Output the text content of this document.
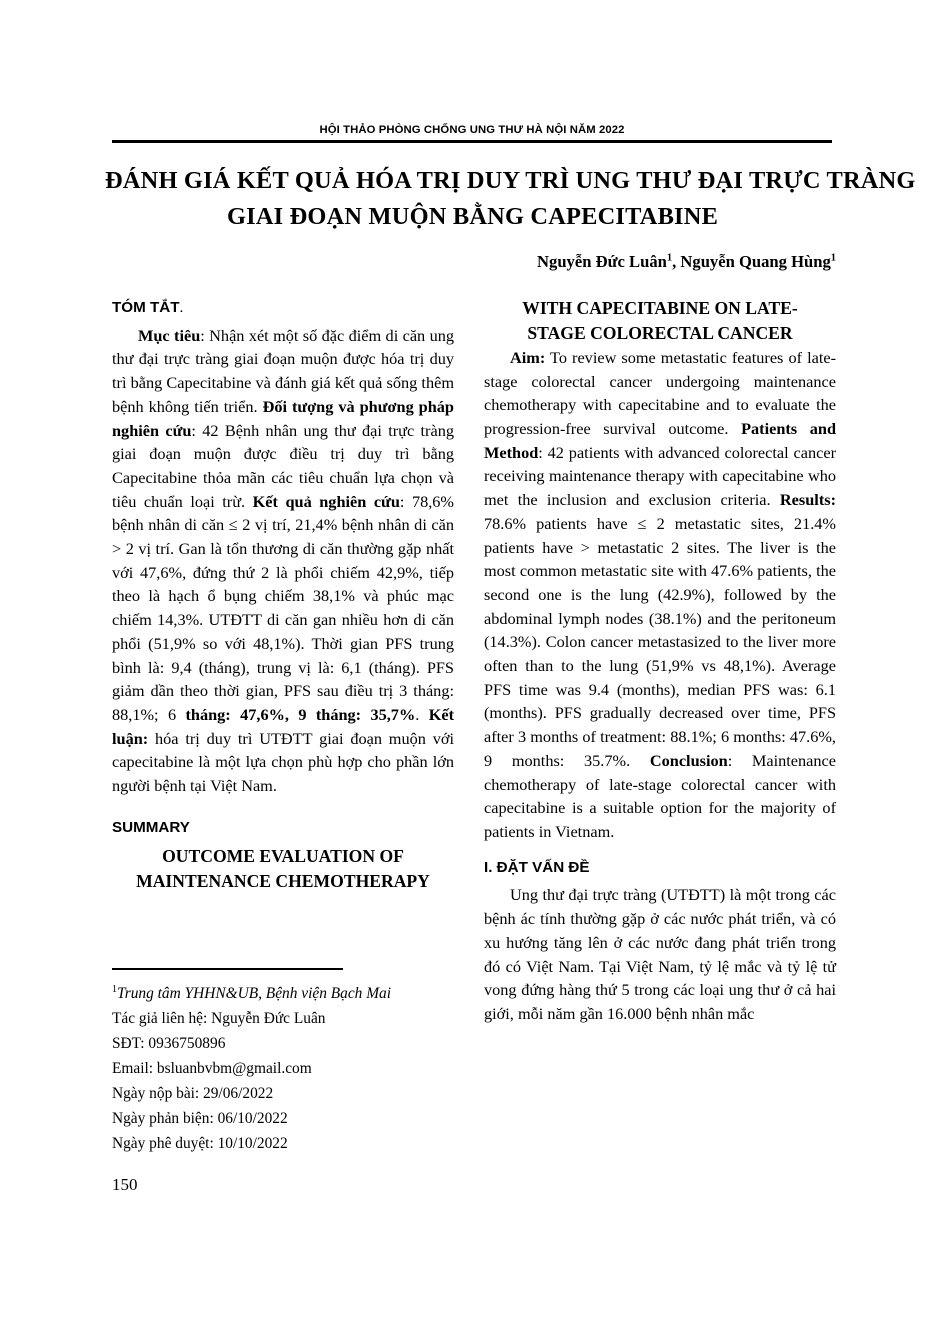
HỘI THẢO PHÒNG CHỐNG UNG THƯ HÀ NỘI NĂM 2022
ĐÁNH GIÁ KẾT QUẢ HÓA TRỊ DUY TRÌ UNG THƯ ĐẠI TRỰC TRÀNG
GIAI ĐOẠN MUỘN BẰNG CAPECITABINE
Nguyễn Đức Luân$^1$, Nguyễn Quang Hùng$^1$

TÓM TẮT.

Mục tiêu: Nhận xét một số đặc điểm di căn ung thư đại trực tràng giai đoạn muộn được hóa trị duy trì bằng Capecitabine và đánh giá kết quả sống thêm bệnh không tiến triển. Đối tượng và phương pháp nghiên cứu: 42 Bệnh nhân ung thư đại trực tràng giai đoạn muộn được điều trị duy trì bằng Capecitabine thỏa mãn các tiêu chuẩn lựa chọn và tiêu chuẩn loại trừ. Kết quả nghiên cứu: 78,6% bệnh nhân di căn ≤ 2 vị trí, 21,4% bệnh nhân di căn > 2 vị trí. Gan là tổn thương di căn thường gặp nhất với 47,6%, đứng thứ 2 là phổi chiếm 42,9%, tiếp theo là hạch ổ bụng chiếm 38,1% và phúc mạc chiếm 14,3%. UTĐTT di căn gan nhiều hơn di căn phổi (51,9% so với 48,1%). Thời gian PFS trung bình là: 9,4 (tháng), trung vị là: 6,1 (tháng). PFS giảm dần theo thời gian, PFS sau điều trị 3 tháng: 88,1%; 6 tháng: 47,6%, 9 tháng: 35,7%. Kết luận: hóa trị duy trì UTĐTT giai đoạn muộn với capecitabine là một lựa chọn phù hợp cho phần lớn người bệnh tại Việt Nam.

SUMMARY

OUTCOME EVALUATION OF

MAINTENANCE CHEMOTHERAPY

WITH CAPECITABINE ON LATE-

STAGE COLORECTAL CANCER

Aim: To review some metastatic features of late-stage colorectal cancer undergoing maintenance chemotherapy with capecitabine and to evaluate the progression-free survival outcome. Patients and Method: 42 patients with advanced colorectal cancer receiving maintenance therapy with capecitabine who met the inclusion and exclusion criteria. Results: 78.6% patients have ≤ 2 metastatic sites, 21.4% patients have > metastatic 2 sites. The liver is the most common metastatic site with 47.6% patients, the second one is the lung (42.9%), followed by the abdominal lymph nodes (38.1%) and the peritoneum (14.3%). Colon cancer metastasized to the liver more often than to the lung (51,9% vs 48,1%). Average PFS time was 9.4 (months), median PFS was: 6.1 (months). PFS gradually decreased over time, PFS after 3 months of treatment: 88.1%; 6 months: 47.6%, 9 months: 35.7%. Conclusion: Maintenance chemotherapy of late-stage colorectal cancer with capecitabine is a suitable option for the majority of patients in Vietnam.

I. ĐẶT VẤN ĐỀ

Ung thư đại trực tràng (UTĐTT) là một trong các bệnh ác tính thường gặp ở các nước phát triển, và có xu hướng tăng lên ở các nước đang phát triển trong đó có Việt Nam. Tại Việt Nam, tỷ lệ mắc và tỷ lệ tử vong đứng hàng thứ 5 trong các loại ung thư ở cả hai giới, mỗi năm gần 16.000 bệnh nhân mắc

$^1$Trung tâm YHHN&UB, Bệnh viện Bạch Mai
Tác giả liên hệ: Nguyễn Đức Luân
SĐT: 0936750896
Email: bsluanbvbm@gmail.com
Ngày nộp bài: 29/06/2022
Ngày phản biện: 06/10/2022
Ngày phê duyệt: 10/10/2022
150
